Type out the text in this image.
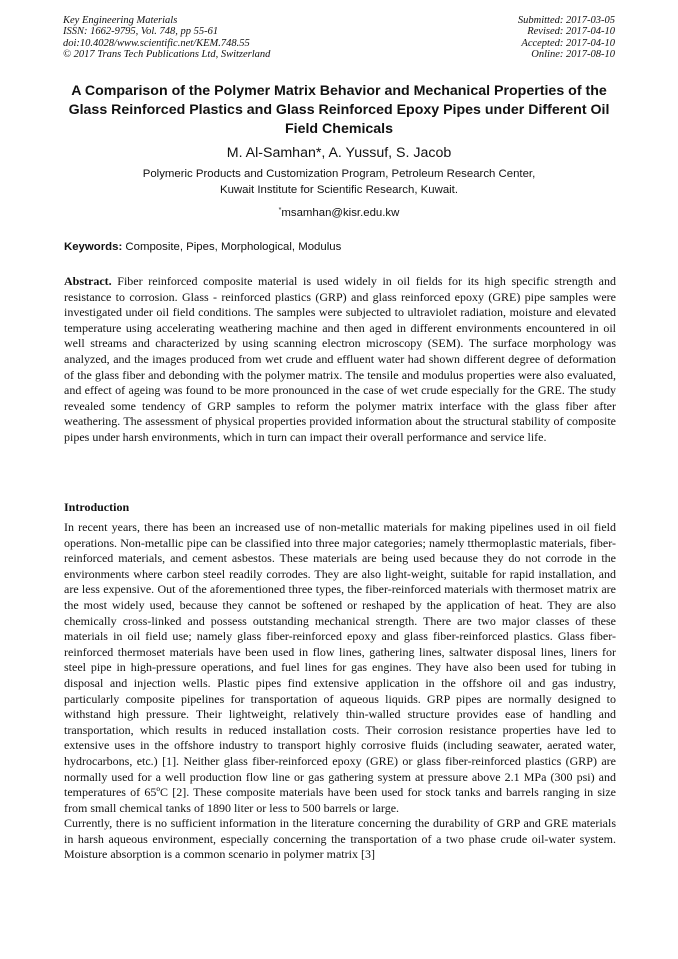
Key Engineering Materials
ISSN: 1662-9795, Vol. 748, pp 55-61
doi:10.4028/www.scientific.net/KEM.748.55
© 2017 Trans Tech Publications Ltd, Switzerland
Submitted: 2017-03-05
Revised: 2017-04-10
Accepted: 2017-04-10
Online: 2017-08-10
A Comparison of the Polymer Matrix Behavior and Mechanical Properties of the Glass Reinforced Plastics and Glass Reinforced Epoxy Pipes under Different Oil Field Chemicals
M. Al-Samhan*, A. Yussuf, S. Jacob
Polymeric Products and Customization Program, Petroleum Research Center,
Kuwait Institute for Scientific Research, Kuwait.
*msamhan@kisr.edu.kw
Keywords: Composite, Pipes, Morphological, Modulus
Abstract. Fiber reinforced composite material is used widely in oil fields for its high specific strength and resistance to corrosion. Glass - reinforced plastics (GRP) and glass reinforced epoxy (GRE) pipe samples were investigated under oil field conditions. The samples were subjected to ultraviolet radiation, moisture and elevated temperature using accelerating weathering machine and then aged in different environments encountered in oil well streams and characterized by using scanning electron microscopy (SEM). The surface morphology was analyzed, and the images produced from wet crude and effluent water had shown different degree of deformation of the glass fiber and debonding with the polymer matrix. The tensile and modulus properties were also evaluated, and effect of ageing was found to be more pronounced in the case of wet crude especially for the GRE. The study revealed some tendency of GRP samples to reform the polymer matrix interface with the glass fiber after weathering. The assessment of physical properties provided information about the structural stability of composite pipes under harsh environments, which in turn can impact their overall performance and service life.
Introduction

In recent years, there has been an increased use of non-metallic materials for making pipelines used in oil field operations. Non-metallic pipe can be classified into three major categories; namely tthermoplastic materials, fiber-reinforced materials, and cement asbestos. These materials are being used because they do not corrode in the environments where carbon steel readily corrodes. They are also light-weight, suitable for rapid installation, and are less expensive. Out of the aforementioned three types, the fiber-reinforced materials with thermoset matrix are the most widely used, because they cannot be softened or reshaped by the application of heat. They are also chemically cross-linked and possess outstanding mechanical strength. There are two major classes of these materials in oil field use; namely glass fiber-reinforced epoxy and glass fiber-reinforced plastics. Glass fiber-reinforced thermoset materials have been used in flow lines, gathering lines, saltwater disposal lines, liners for steel pipe in high-pressure operations, and fuel lines for gas engines. They have also been used for tubing in disposal and injection wells. Plastic pipes find extensive application in the offshore oil and gas industry, particularly composite pipelines for transportation of aqueous liquids. GRP pipes are normally designed to withstand high pressure. Their lightweight, relatively thin-walled structure provides ease of handling and transportation, which results in reduced installation costs. Their corrosion resistance properties have led to extensive uses in the offshore industry to transport highly corrosive fluids (including seawater, aerated water, hydrocarbons, etc.) [1]. Neither glass fiber-reinforced epoxy (GRE) or glass fiber-reinforced plastics (GRP) are normally used for a well production flow line or gas gathering system at pressure above 2.1 MPa (300 psi) and temperatures of 65ºC [2]. These composite materials have been used for stock tanks and barrels ranging in size from small chemical tanks of 1890 liter or less to 500 barrels or large.

Currently, there is no sufficient information in the literature concerning the durability of GRP and GRE materials in harsh aqueous environment, especially concerning the transportation of a two phase crude oil-water system. Moisture absorption is a common scenario in polymer matrix [3]
